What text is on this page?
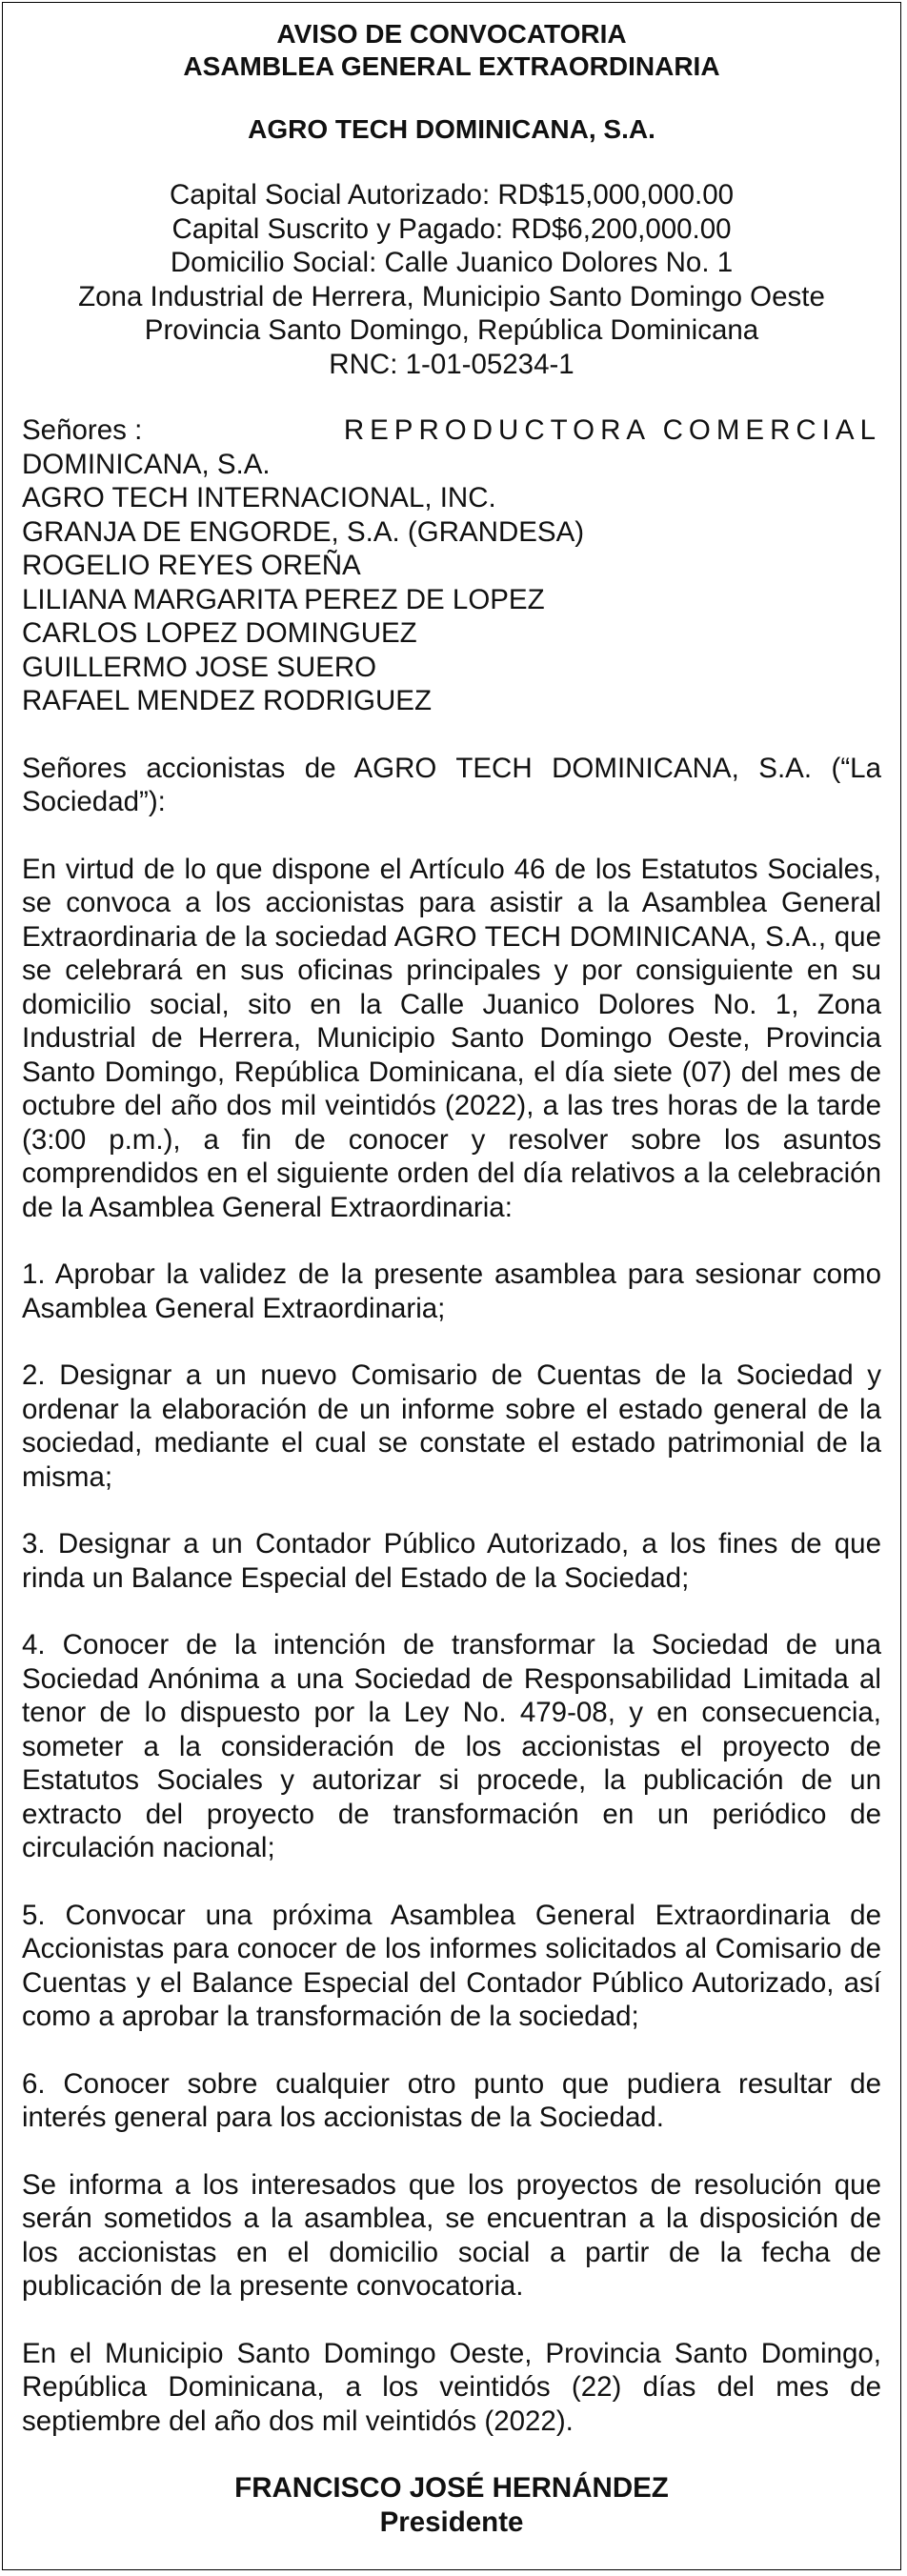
AVISO DE CONVOCATORIA
ASAMBLEA GENERAL EXTRAORDINARIA
AGRO TECH DOMINICANA, S.A.
Capital Social Autorizado: RD$15,000,000.00
Capital Suscrito y Pagado: RD$6,200,000.00
Domicilio Social: Calle Juanico Dolores No. 1
Zona Industrial de Herrera, Municipio Santo Domingo Oeste
Provincia Santo Domingo, República Dominicana
RNC: 1-01-05234-1
Señores :	REPRODUCTORA COMERCIAL
DOMINICANA, S.A.
AGRO TECH INTERNACIONAL, INC.
GRANJA DE ENGORDE, S.A. (GRANDESA)
ROGELIO REYES OREÑA
LILIANA MARGARITA PEREZ DE LOPEZ
CARLOS LOPEZ DOMINGUEZ
GUILLERMO JOSE SUERO
RAFAEL MENDEZ RODRIGUEZ
Señores accionistas de AGRO TECH DOMINICANA, S.A. (“La Sociedad”):
En virtud de lo que dispone el Artículo 46 de los Estatutos Sociales, se convoca a los accionistas para asistir a la Asamblea General Extraordinaria de la sociedad AGRO TECH DOMINICANA, S.A., que se celebrará en sus oficinas principales y por consiguiente en su domicilio social, sito en la Calle Juanico Dolores No. 1, Zona Industrial de Herrera, Municipio Santo Domingo Oeste, Provincia Santo Domingo, República Dominicana, el día siete (07) del mes de octubre del año dos mil veintidós (2022), a las tres horas de la tarde (3:00 p.m.), a fin de conocer y resolver sobre los asuntos comprendidos en el siguiente orden del día relativos a la celebración de la Asamblea General Extraordinaria:
1. Aprobar la validez de la presente asamblea para sesionar como Asamblea General Extraordinaria;
2. Designar a un nuevo Comisario de Cuentas de la Sociedad y ordenar la elaboración de un informe sobre el estado general de la sociedad, mediante el cual se constate el estado patrimonial de la misma;
3. Designar a un Contador Público Autorizado, a los fines de que rinda un Balance Especial del Estado de la Sociedad;
4. Conocer de la intención de transformar la Sociedad de una Sociedad Anónima a una Sociedad de Responsabilidad Limitada al tenor de lo dispuesto por la Ley No. 479-08, y en consecuencia, someter a la consideración de los accionistas el proyecto de Estatutos Sociales y autorizar si procede, la publicación de un extracto del proyecto de transformación en un periódico de circulación nacional;
5. Convocar una próxima Asamblea General Extraordinaria de Accionistas para conocer de los informes solicitados al Comisario de Cuentas y el Balance Especial del Contador Público Autorizado, así como a aprobar la transformación de la sociedad;
6. Conocer sobre cualquier otro punto que pudiera resultar de interés general para los accionistas de la Sociedad.
Se informa a los interesados que los proyectos de resolución que serán sometidos a la asamblea, se encuentran a la disposición de los accionistas en el domicilio social a partir de la fecha de publicación de la presente convocatoria.
En el Municipio Santo Domingo Oeste, Provincia Santo Domingo, República Dominicana, a los veintidós (22) días del mes de septiembre del año dos mil veintidós (2022).
FRANCISCO JOSÉ HERNÁNDEZ
Presidente
